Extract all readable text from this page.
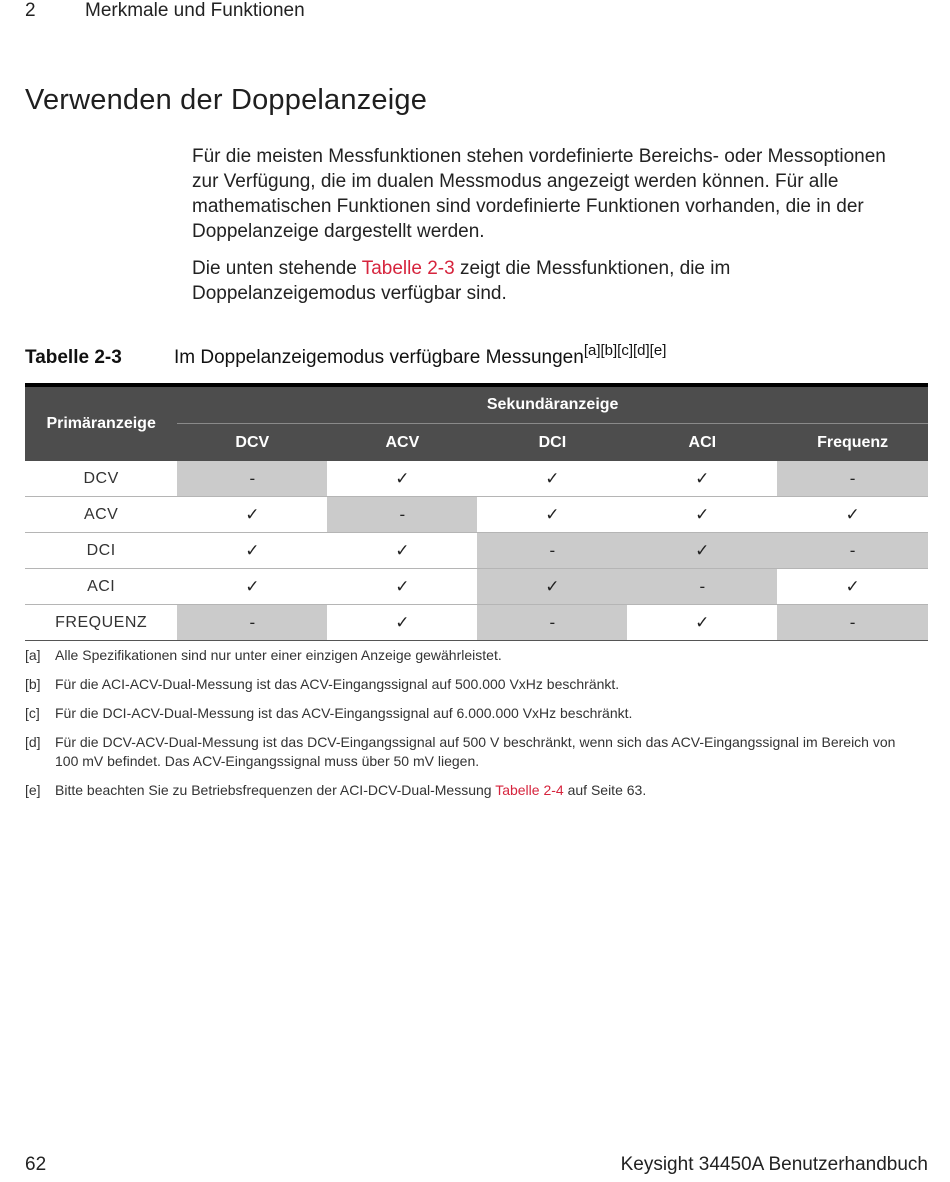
2	Merkmale und Funktionen
Verwenden der Doppelanzeige

Für die meisten Messfunktionen stehen vordefinierte Bereichs- oder Messoptionen zur Verfügung, die im dualen Messmodus angezeigt werden können. Für alle mathematischen Funktionen sind vordefinierte Funktionen vorhanden, die in der Doppelanzeige dargestellt werden.

Die unten stehende Tabelle 2-3 zeigt die Messfunktionen, die im Doppelanzeigemodus verfügbar sind.

Tabelle 2-3	Im Doppelanzeigemodus verfügbare Messungen[a][b][c][d][e]
Primäranzeige	Sekundäranzeige				
	DCV	ACV	DCI	ACI	Frequenz
DCV	-	✓	✓	✓	-
ACV	✓	-	✓	✓	✓
DCI	✓	✓	-	✓	-
ACI	✓	✓	✓	-	✓
FREQUENZ	-	✓	-	✓	-
[a]	Alle Spezifikationen sind nur unter einer einzigen Anzeige gewährleistet.
[b]	Für die ACI-ACV-Dual-Messung ist das ACV-Eingangssignal auf 500.000 VxHz beschränkt.
[c]	Für die DCI-ACV-Dual-Messung ist das ACV-Eingangssignal auf 6.000.000 VxHz beschränkt.
[d]	Für die DCV-ACV-Dual-Messung ist das DCV-Eingangssignal auf 500 V beschränkt, wenn sich das ACV-Eingangssignal im Bereich von 100 mV befindet. Das ACV-Eingangssignal muss über 50 mV liegen.
[e]	Bitte beachten Sie zu Betriebsfrequenzen der ACI-DCV-Dual-Messung Tabelle 2-4 auf Seite 63.
62	Keysight 34450A Benutzerhandbuch
